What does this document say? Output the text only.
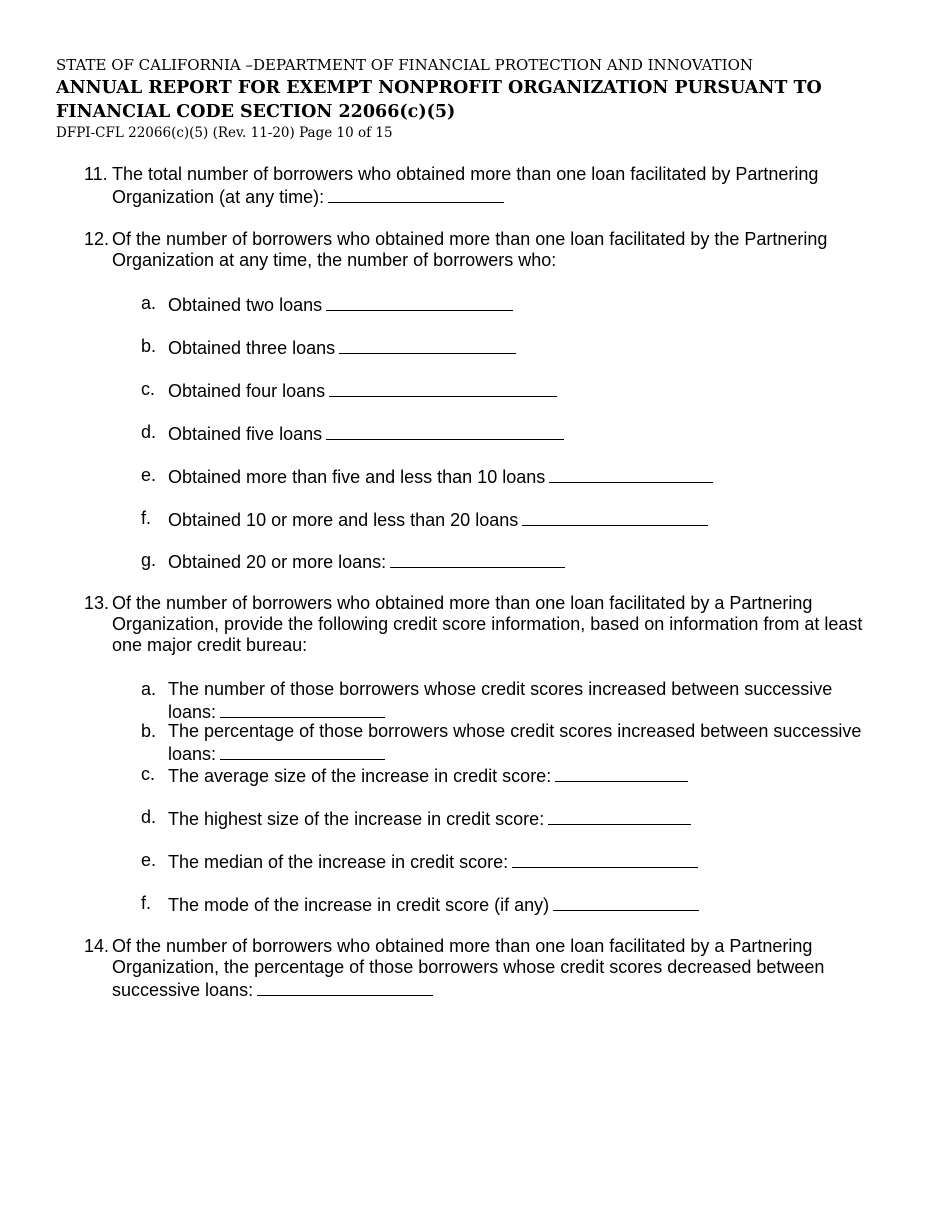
STATE OF CALIFORNIA –DEPARTMENT OF FINANCIAL PROTECTION AND INNOVATION
ANNUAL REPORT FOR EXEMPT NONPROFIT ORGANIZATION PURSUANT TO
FINANCIAL CODE SECTION 22066(c)(5)
DFPI-CFL 22066(c)(5) (Rev. 11-20) Page 10 of 15
11. The total number of borrowers who obtained more than one loan facilitated by Partnering
Organization (at any time):
12. Of the number of borrowers who obtained more than one loan facilitated by the Partnering
Organization at any time, the number of borrowers who:
a. Obtained two loans
b. Obtained three loans
c. Obtained four loans
d. Obtained five loans
e. Obtained more than five and less than 10 loans
f. Obtained 10 or more and less than 20 loans
g. Obtained 20 or more loans:
13. Of the number of borrowers who obtained more than one loan facilitated by a Partnering
Organization, provide the following credit score information, based on information from at least
one major credit bureau:
a. The number of those borrowers whose credit scores increased between successive
loans:
b. The percentage of those borrowers whose credit scores increased between successive
loans:
c. The average size of the increase in credit score:
d. The highest size of the increase in credit score:
e. The median of the increase in credit score:
f. The mode of the increase in credit score (if any)
14. Of the number of borrowers who obtained more than one loan facilitated by a Partnering
Organization, the percentage of those borrowers whose credit scores decreased between
successive loans:
